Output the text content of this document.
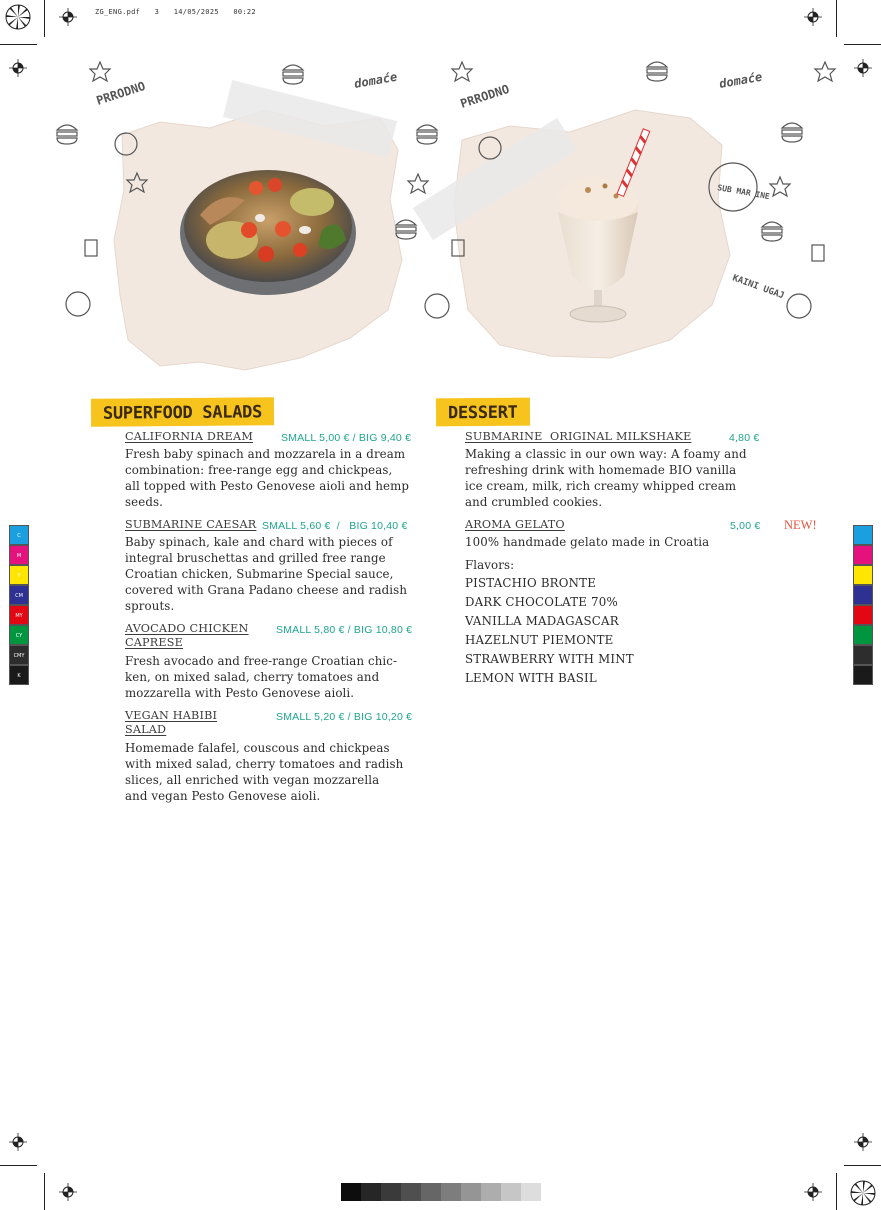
ZG_ENG.pdf 3 14/05/2025 00:22
C
M
Y
CM
MY
CY
CMY
K
PRRODNO	domaće
PRRODNO
domaće
SUB MAR INE
KAINI UGAJ
SUPERFOOD SALADS
CALIFORNIA DREAM	SMALL 5,00 € / BIG 9,40 €
Fresh baby spinach and mozzarela in a dream
combination: free-range egg and chickpeas,
all topped with Pesto Genovese aioli and hemp
seeds.
SUBMARINE CAESAR SMALL 5,60 €  /   BIG 10,40 €
Baby spinach, kale and chard with pieces of
integral bruschettas and grilled free range
Croatian chicken, Submarine Special sauce,
covered with Grana Padano cheese and radish
sprouts.
AVOCADO CHICKEN
CAPRESE
SMALL 5,80 € / BIG 10,80 €
Fresh avocado and free-range Croatian chic-
ken, on mixed salad, cherry tomatoes and
mozzarella with Pesto Genovese aioli.
VEGAN HABIBI
SALAD
SMALL 5,20 € / BIG 10,20 €
Homemade falafel, couscous and chickpeas
with mixed salad, cherry tomatoes and radish
slices, all enriched with vegan mozzarella
and vegan Pesto Genovese aioli.
DESSERT
SUBMARINE  ORIGINAL MILKSHAKE	4,80 €
Making a classic in our own way: A foamy and
refreshing drink with homemade BIO vanilla
ice cream, milk, rich creamy whipped cream
and crumbled cookies.
AROMA GELATO	5,00 € NEW!
100% handmade gelato made in Croatia
Flavors:
PISTACHIO BRONTE
DARK CHOCOLATE 70%
VANILLA MADAGASCAR
HAZELNUT PIEMONTE
STRAWBERRY WITH MINT
LEMON WITH BASIL
